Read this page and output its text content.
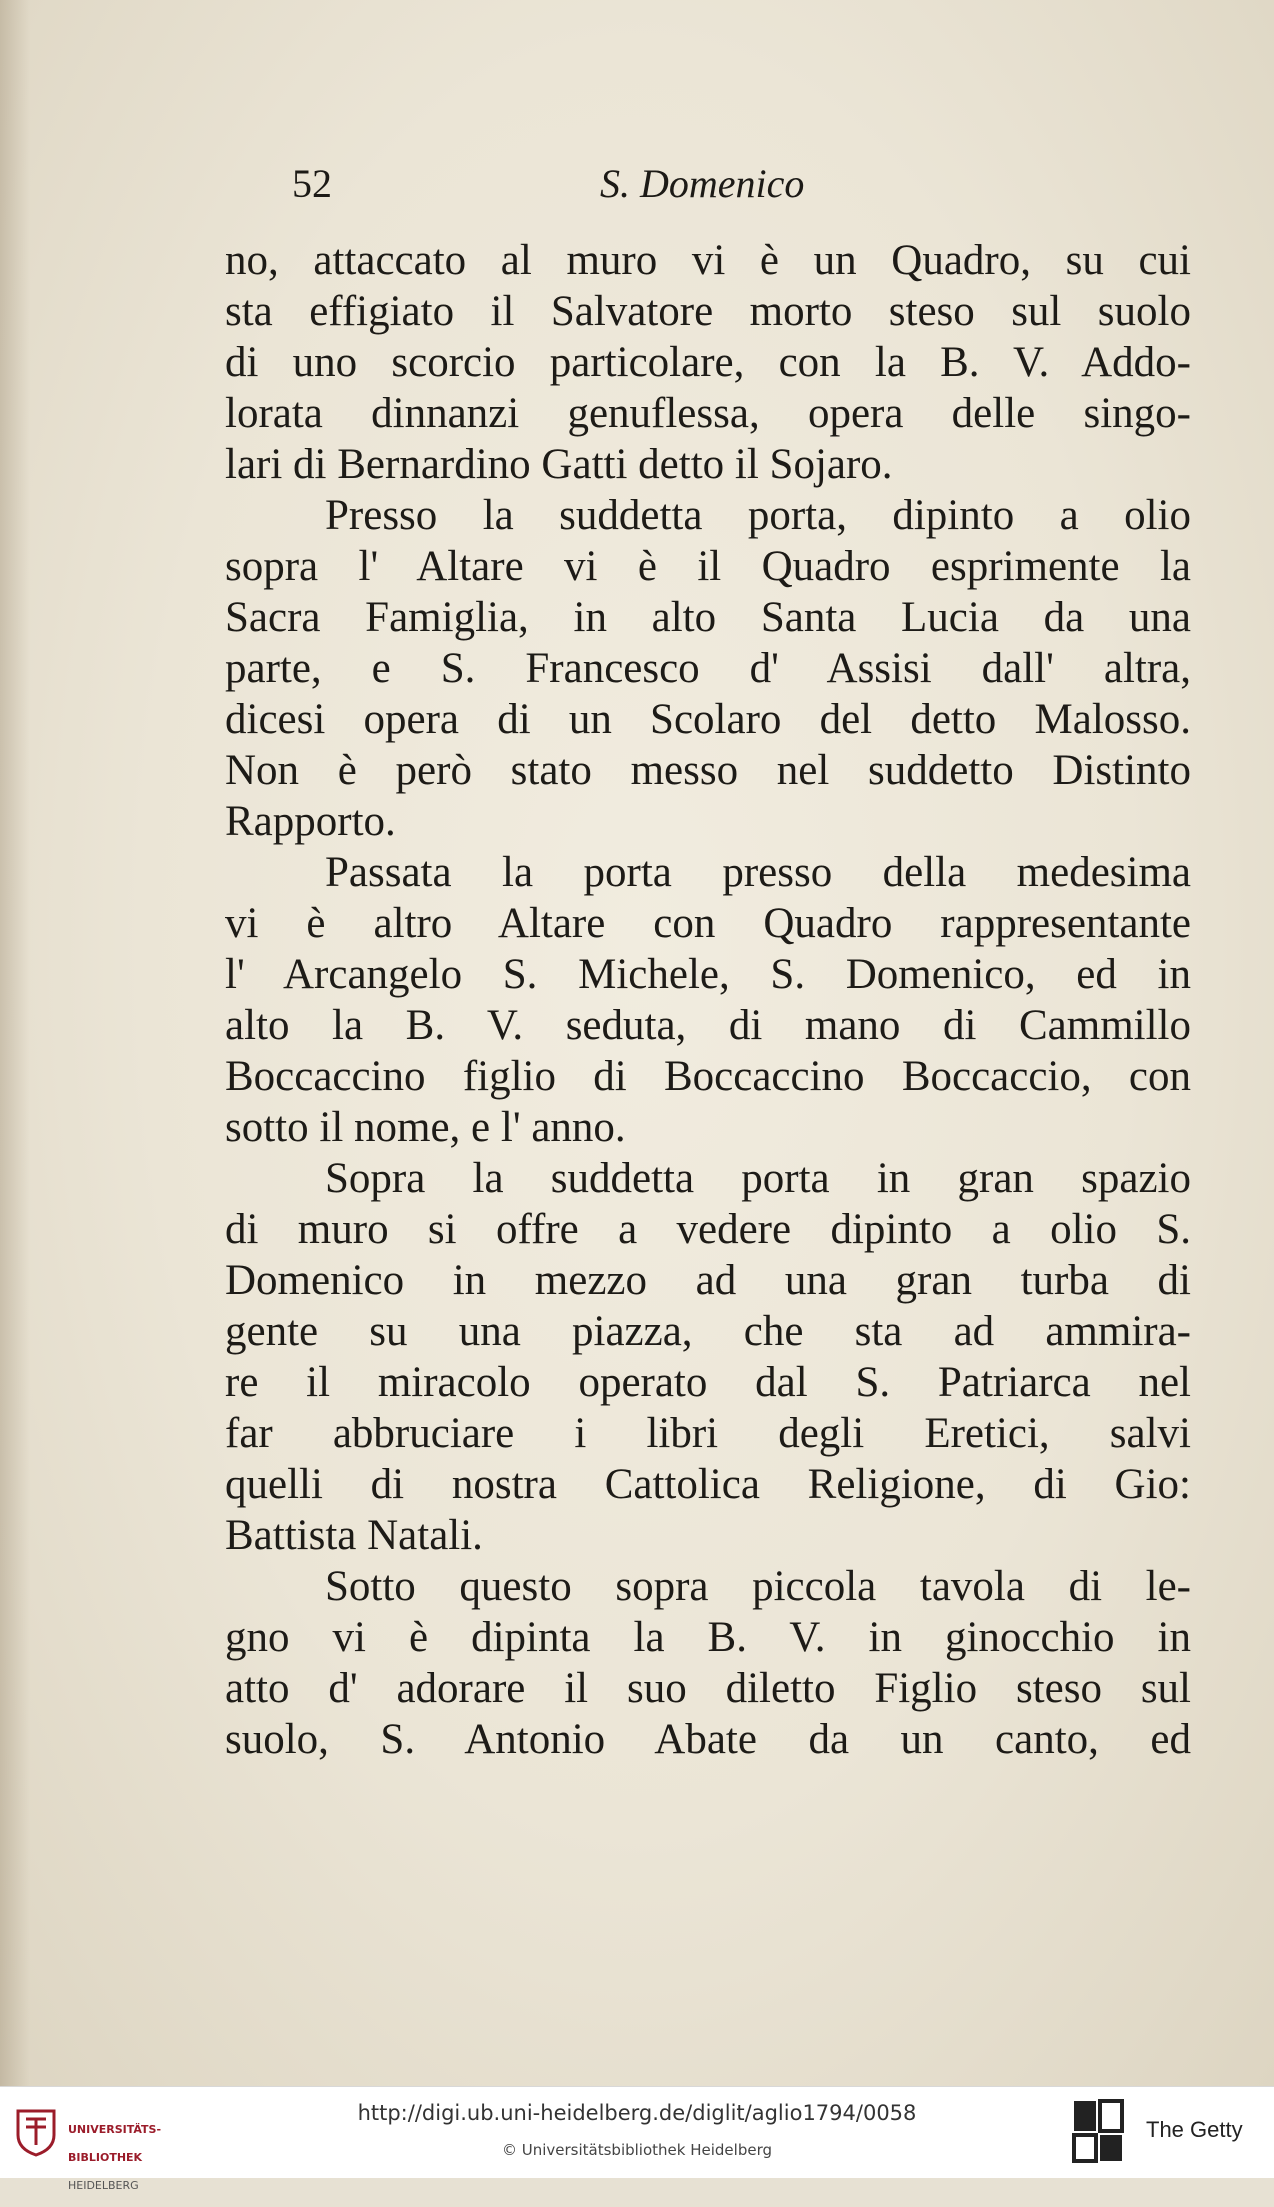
52	S. Domenico
no, attaccato al muro vi è un Quadro, su cui
sta effigiato il Salvatore morto steso sul suolo
di uno scorcio particolare, con la B. V. Addo-
lorata dinnanzi genuflessa, opera delle singo-
lari di Bernardino Gatti detto il Sojaro.
Presso la suddetta porta, dipinto a olio
sopra l' Altare vi è il Quadro esprimente la
Sacra Famiglia, in alto Santa Lucia da una
parte, e S. Francesco d' Assisi dall' altra,
dicesi opera di un Scolaro del detto Malosso.
Non è però stato messo nel suddetto Distinto
Rapporto.
Passata la porta presso della medesima
vi è altro Altare con Quadro rappresentante
l' Arcangelo S. Michele, S. Domenico, ed in
alto la B. V. seduta, di mano di Cammillo
Boccaccino figlio di Boccaccino Boccaccio, con
sotto il nome, e l' anno.
Sopra la suddetta porta in gran spazio
di muro si offre a vedere dipinto a olio S.
Domenico in mezzo ad una gran turba di
gente su una piazza, che sta ad ammira-
re il miracolo operato dal S. Patriarca nel
far abbruciare i libri degli Eretici, salvi
quelli di nostra Cattolica Religione, di Gio:
Battista Natali.
Sotto questo sopra piccola tavola di le-
gno vi è dipinta la B. V. in ginocchio in
atto d' adorare il suo diletto Figlio steso sul
suolo, S. Antonio Abate da un canto, ed

UNIVERSITÄTS-

BIBLIOTHEK

HEIDELBERG

http://digi.ub.uni-heidelberg.de/diglit/aglio1794/0058
© Universitätsbibliothek Heidelberg
The Getty
